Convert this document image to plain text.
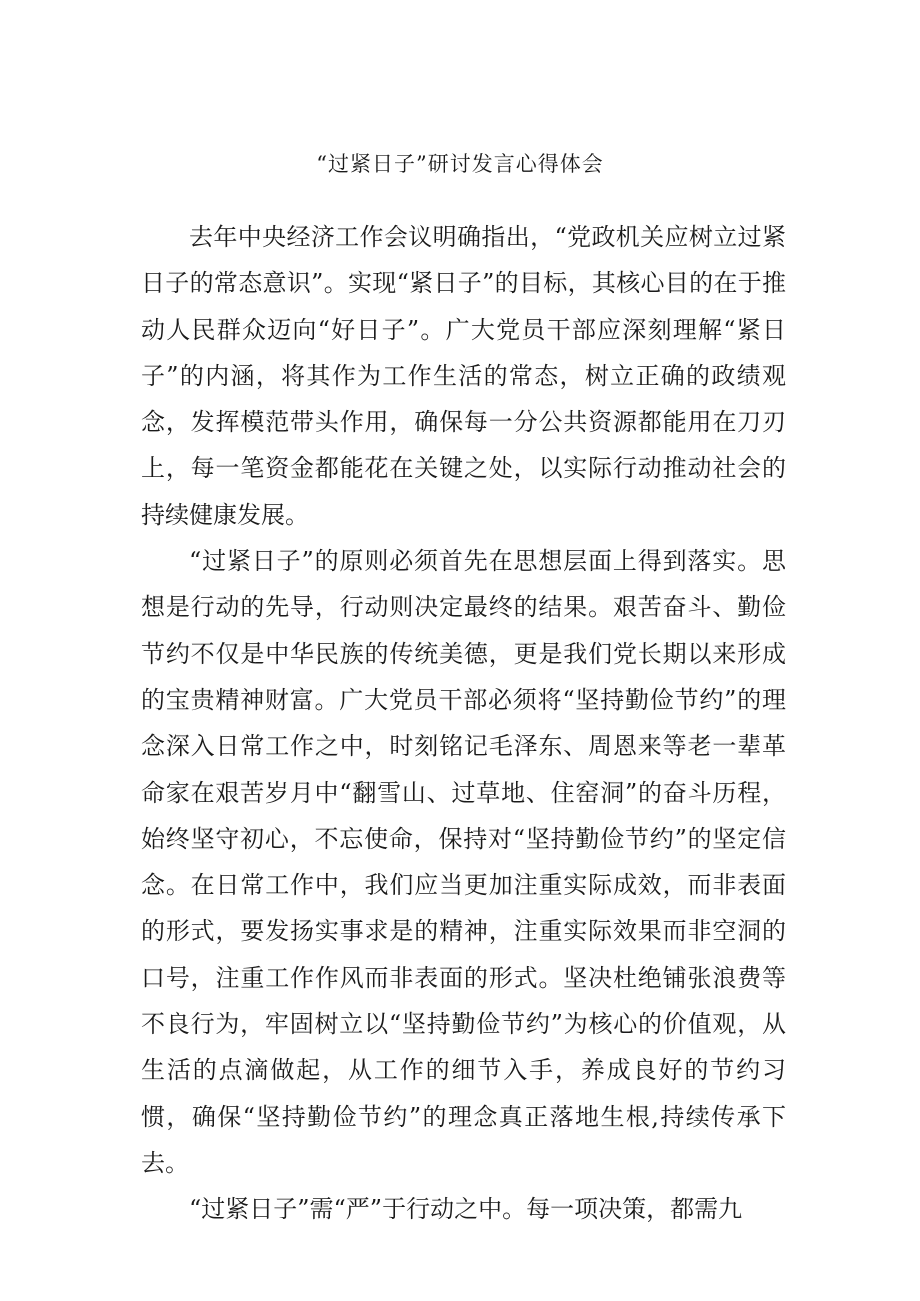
“过紧日子”研讨发言心得体会

去年中央经济工作会议明确指出，“党政机关应树立过紧日子的常态意识”。实现“紧日子”的目标，其核心目的在于推动人民群众迈向“好日子”。广大党员干部应深刻理解“紧日子”的内涵，将其作为工作生活的常态，树立正确的政绩观念，发挥模范带头作用，确保每一分公共资源都能用在刀刃上，每一笔资金都能花在关键之处，以实际行动推动社会的持续健康发展。

“过紧日子”的原则必须首先在思想层面上得到落实。思想是行动的先导，行动则决定最终的结果。艰苦奋斗、勤俭节约不仅是中华民族的传统美德，更是我们党长期以来形成的宝贵精神财富。广大党员干部必须将“坚持勤俭节约”的理念深入日常工作之中，时刻铭记毛泽东、周恩来等老一辈革命家在艰苦岁月中“翻雪山、过草地、住窑洞”的奋斗历程，始终坚守初心，不忘使命，保持对“坚持勤俭节约”的坚定信念。在日常工作中，我们应当更加注重实际成效，而非表面的形式，要发扬实事求是的精神，注重实际效果而非空洞的口号，注重工作作风而非表面的形式。坚决杜绝铺张浪费等不良行为，牢固树立以“坚持勤俭节约”为核心的价值观，从生活的点滴做起，从工作的细节入手，养成良好的节约习惯，确保“坚持勤俭节约”的理念真正落地生根,持续传承下去。

“过紧日子”需“严”于行动之中。每一项决策，都需九
